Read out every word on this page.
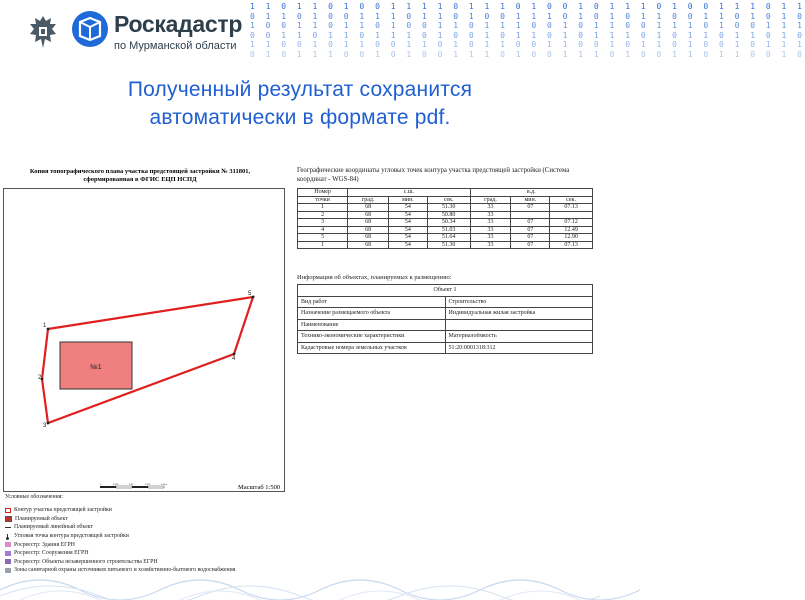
1 1 0 1 1 0 1 0 0 1 1 1 1 0 1 1 1 0 1 0 0 1 0 1 1 1 0 1 0 0 1 1 1 0 1 1
0 1 1 0 1 0 0 1 1 1 0 1 1 0 1 0 0 1 1 1 0 1 0 1 0 1 1 0 0 1 1 0 1 0 1 0
1 0 0 1 1 0 1 1 0 1 0 0 1 1 0 1 1 1 0 0 1 0 1 1 0 0 1 1 1 0 1 0 0 1 1 1
0 0 1 1 0 1 1 0 1 1 1 0 1 0 0 1 0 1 1 0 1 0 1 1 1 0 1 0 1 1 0 1 1 0 1 0
1 1 0 0 1 0 1 1 0 0 1 1 0 1 0 1 1 0 0 1 1 0 0 1 0 1 1 0 1 0 0 1 0 1 1 1
0 1 0 1 1 1 0 0 1 0 1 0 0 1 1 1 0 1 0 0 1 1 1 0 1 0 0 1 1 0 1 1 0 0 1 0
Роскадастр
по Мурманской области
Полученный результат сохранится
автоматически в формате pdf.
Копия топографического плана участка предстоящей застройки № 311801,
сформированная в ФГИС ЕЦП НСПД
№1
1
2
3
4
5
0	0.025	0.05	0.075	0.1km	Масштаб 1:500
Условные обозначения:
Контур участка предстоящей застройки
Планируемый объект
Планируемый линейный объект
Угловая точка контура предстоящей застройки
Росреестр: Здания ЕГРН
Росреестр: Сооружения ЕГРН
Росреестр: Объекты незавершенного строительства ЕГРН
Зоны санитарной охраны источников питьевого и хозяйственно-бытового водоснабжения
Географические координаты угловых точек контура участка предстоящей застройки (Система координат - WGS-84)
Номер	с.ш.			в.д.		
точки	град.	мин.	сек.	град.	мин.	сек.
1	68	54	51.30	33	07	07.13
2	68	54	50.80	33		
3	68	54	50.34	33	07	07.12
4	68	54	51.03	33	07	12.49
5	68	54	51.64	33	07	12.90
1	68	54	51.30	33	07	07.13
Информация об объектах, планируемых к размещению:
Объект 1	
Вид работ	Строительство
Назначение размещаемого объекта	Индивидуальная жилая застройка
Наименование	
Технико-экономические характеристики	Материалоёмкость
Кадастровые номера земельных участков	51:20:0001318:312
